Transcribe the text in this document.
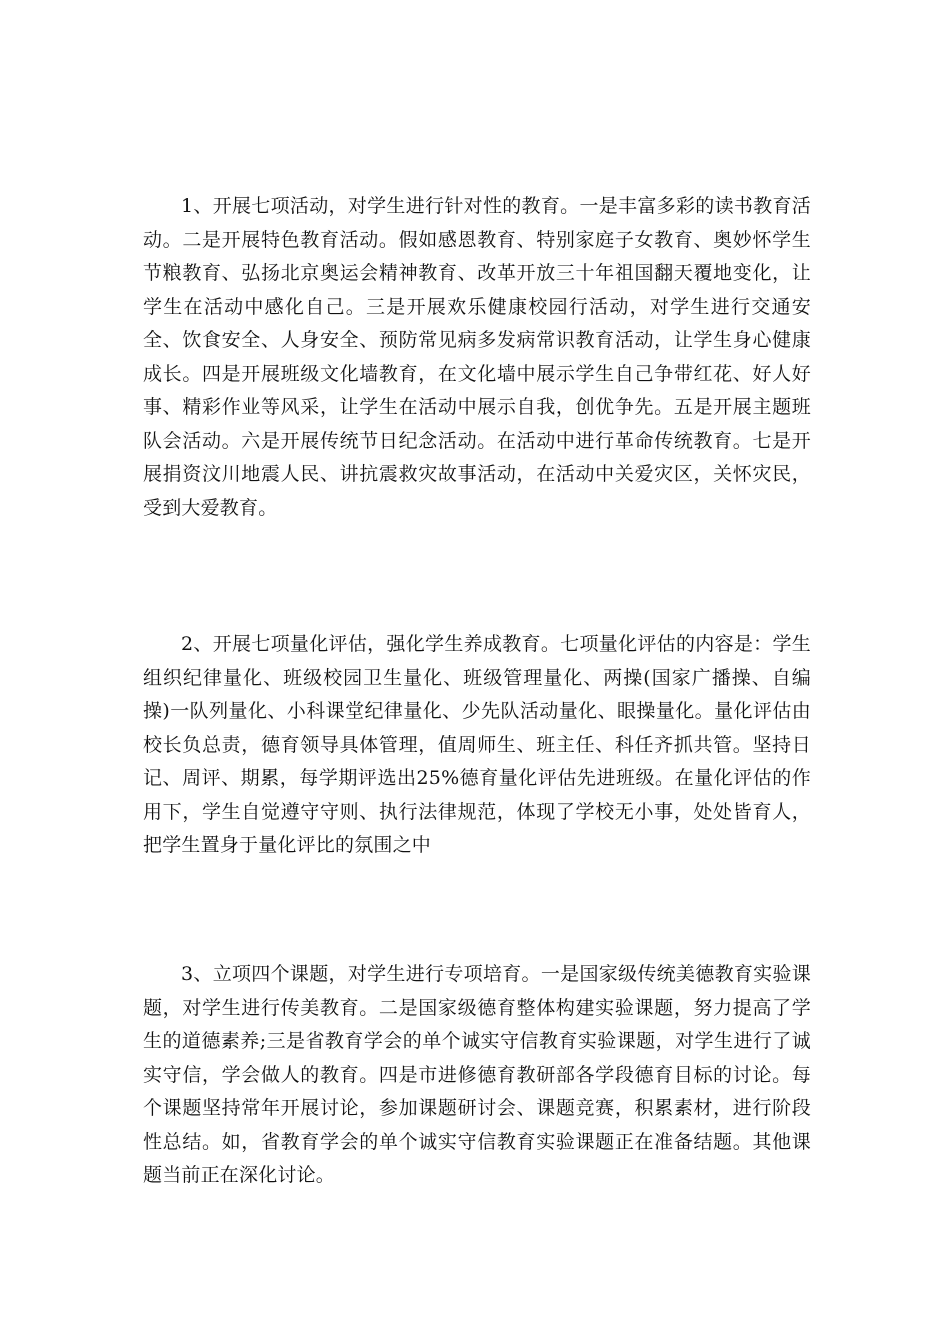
1、开展七项活动，对学生进行针对性的教育。一是丰富多彩的读书教育活动。二是开展特色教育活动。假如感恩教育、特别家庭子女教育、奥妙怀学生节粮教育、弘扬北京奥运会精神教育、改革开放三十年祖国翻天覆地变化，让学生在活动中感化自己。三是开展欢乐健康校园行活动，对学生进行交通安全、饮食安全、人身安全、预防常见病多发病常识教育活动，让学生身心健康成长。四是开展班级文化墙教育，在文化墙中展示学生自己争带红花、好人好事、精彩作业等风采，让学生在活动中展示自我，创优争先。五是开展主题班队会活动。六是开展传统节日纪念活动。在活动中进行革命传统教育。七是开展捐资汶川地震人民、讲抗震救灾故事活动，在活动中关爱灾区，关怀灾民，受到大爱教育。

2、开展七项量化评估，强化学生养成教育。七项量化评估的内容是：学生组织纪律量化、班级校园卫生量化、班级管理量化、两操(国家广播操、自编操)一队列量化、小科课堂纪律量化、少先队活动量化、眼操量化。量化评估由校长负总责，德育领导具体管理，值周师生、班主任、科任齐抓共管。坚持日记、周评、期累，每学期评选出25%德育量化评估先进班级。在量化评估的作用下，学生自觉遵守守则、执行法律规范，体现了学校无小事，处处皆育人，把学生置身于量化评比的氛围之中

3、立项四个课题，对学生进行专项培育。一是国家级传统美德教育实验课题，对学生进行传美教育。二是国家级德育整体构建实验课题，努力提高了学生的道德素养;三是省教育学会的单个诚实守信教育实验课题，对学生进行了诚实守信，学会做人的教育。四是市进修德育教研部各学段德育目标的讨论。每个课题坚持常年开展讨论，参加课题研讨会、课题竞赛，积累素材，进行阶段性总结。如，省教育学会的单个诚实守信教育实验课题正在准备结题。其他课题当前正在深化讨论。
